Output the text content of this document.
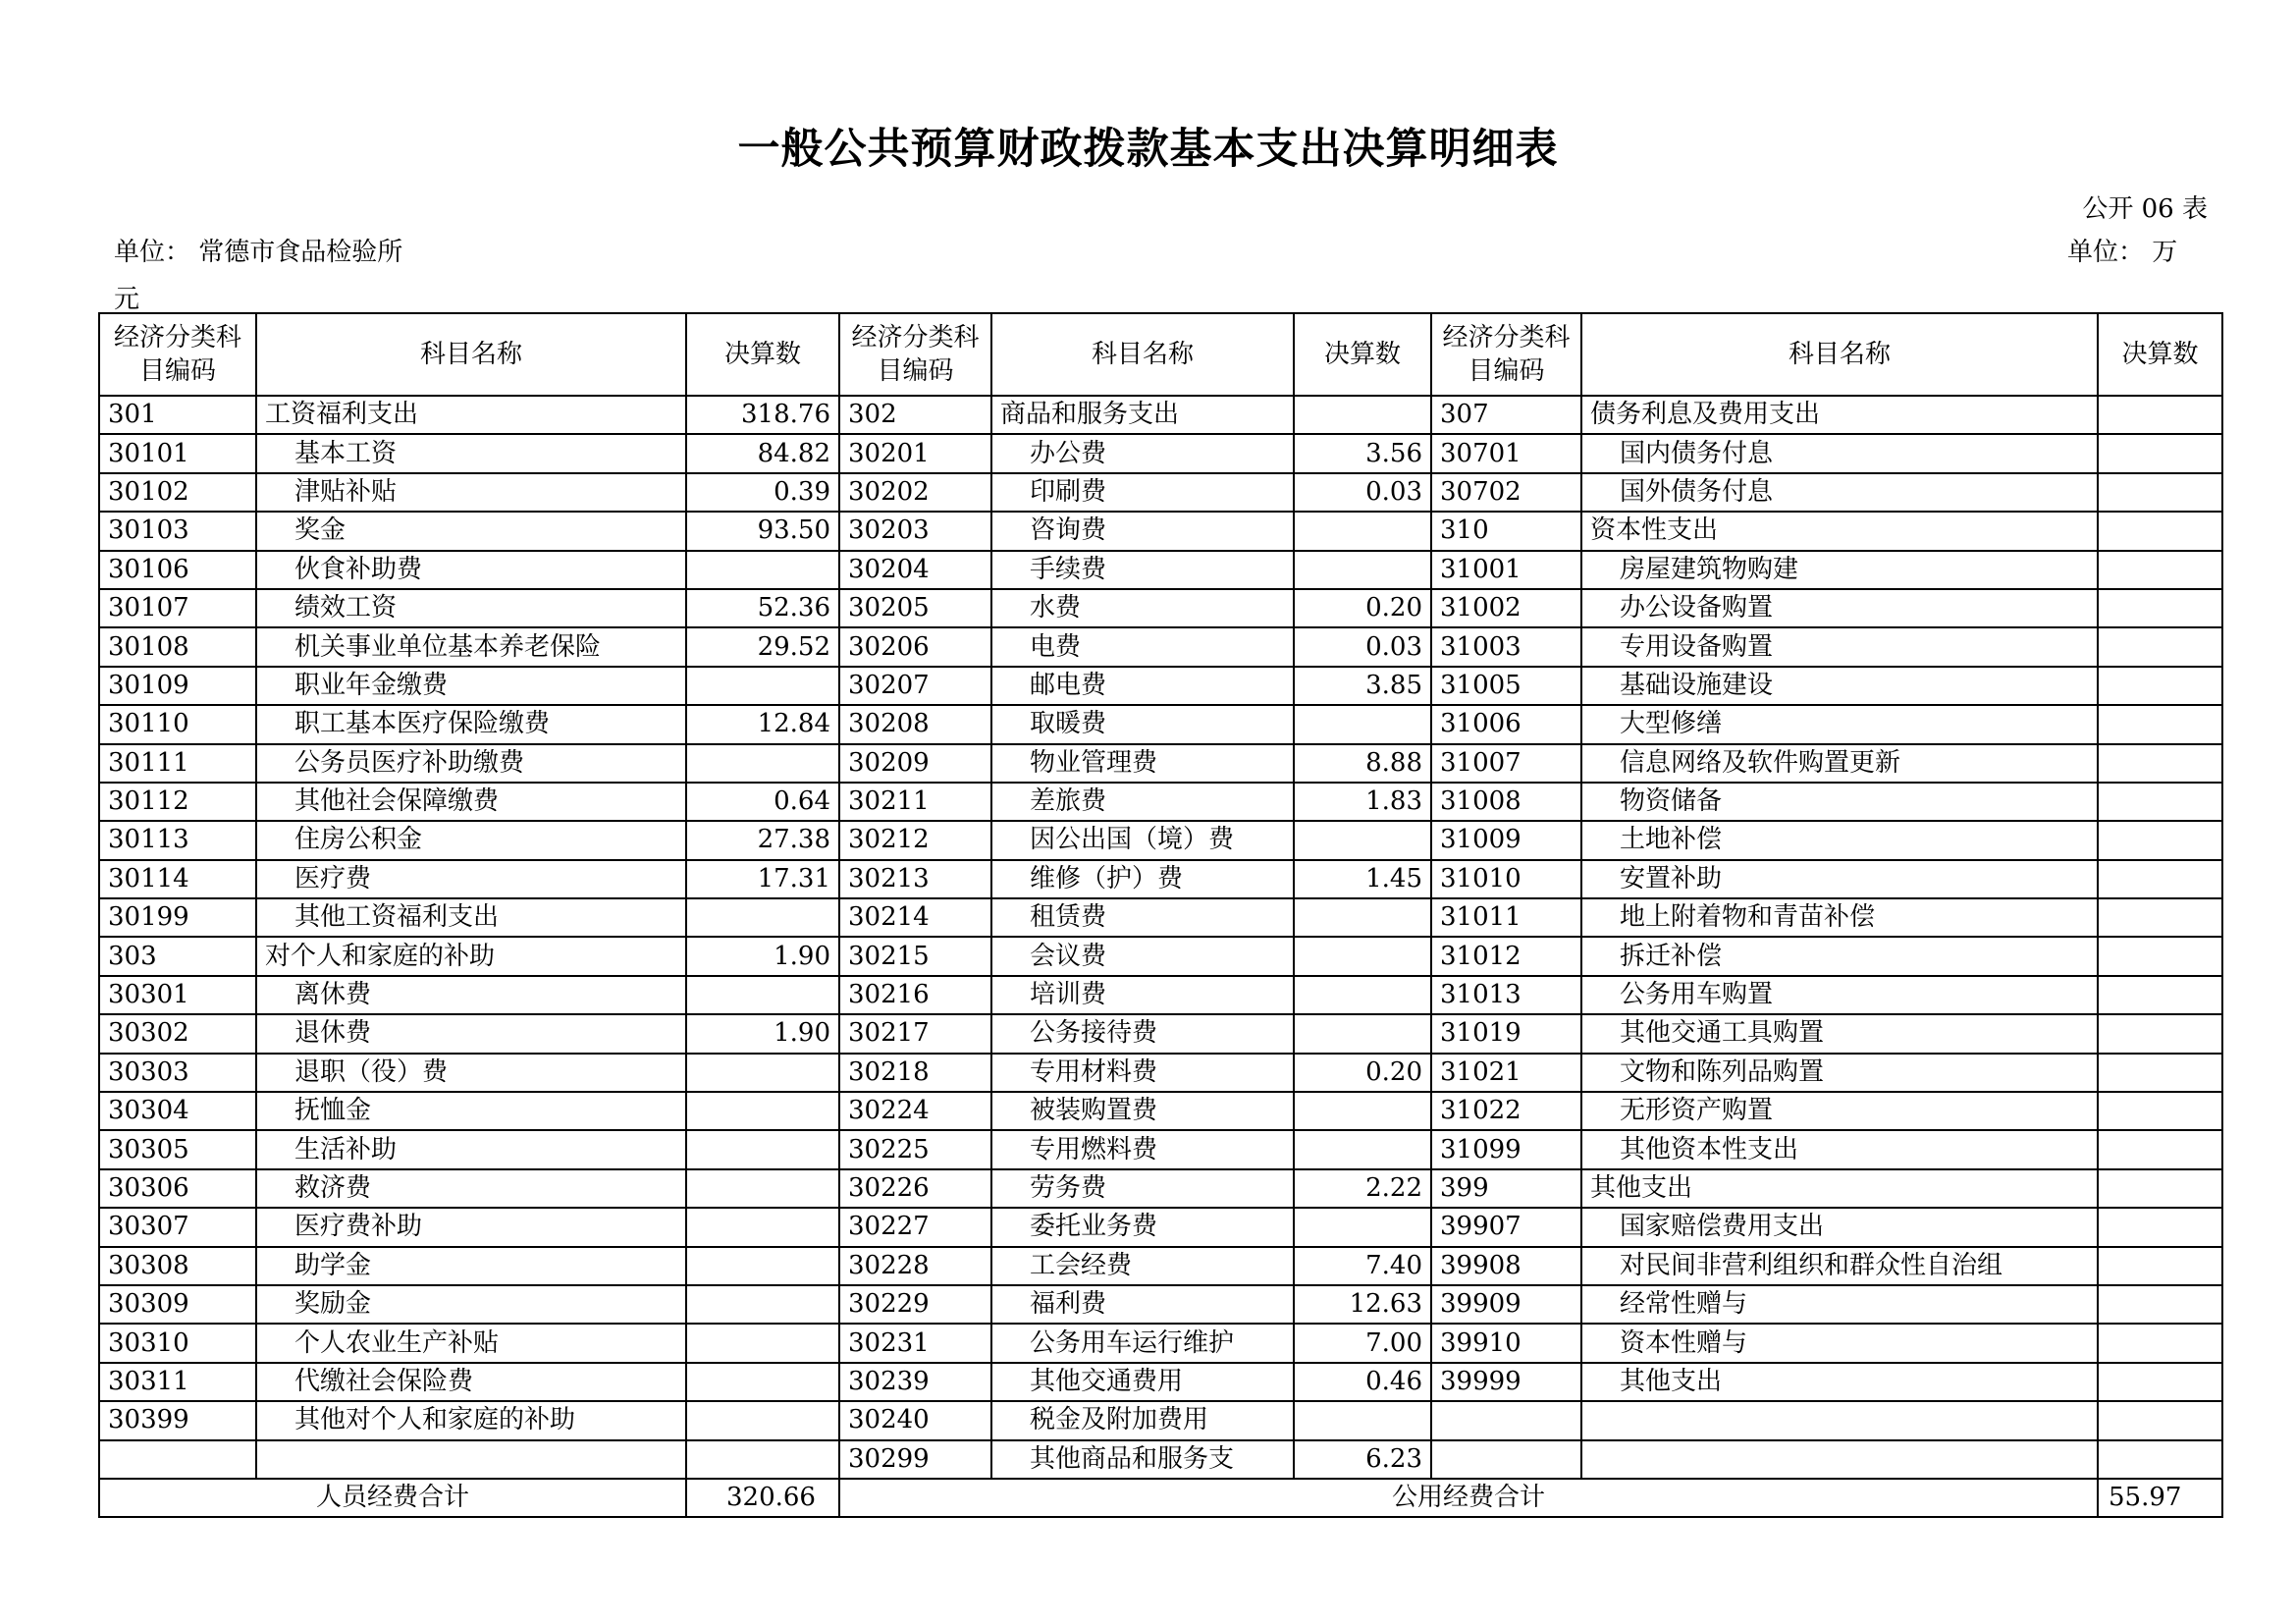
一般公共预算财政拨款基本支出决算明细表
公开 06 表
单位： 常德市食品检验所	单位： 万
元
经济分类科目编码	科目名称	决算数	经济分类科目编码	科目名称	决算数	经济分类科目编码	科目名称	决算数
301	工资福利支出	318.76	302	商品和服务支出		307	债务利息及费用支出	
30101	基本工资	84.82	30201	办公费	3.56	30701	国内债务付息	
30102	津贴补贴	0.39	30202	印刷费	0.03	30702	国外债务付息	
30103	奖金	93.50	30203	咨询费		310	资本性支出	
30106	伙食补助费		30204	手续费		31001	房屋建筑物购建	
30107	绩效工资	52.36	30205	水费	0.20	31002	办公设备购置	
30108	机关事业单位基本养老保险	29.52	30206	电费	0.03	31003	专用设备购置	
30109	职业年金缴费		30207	邮电费	3.85	31005	基础设施建设	
30110	职工基本医疗保险缴费	12.84	30208	取暖费		31006	大型修缮	
30111	公务员医疗补助缴费		30209	物业管理费	8.88	31007	信息网络及软件购置更新	
30112	其他社会保障缴费	0.64	30211	差旅费	1.83	31008	物资储备	
30113	住房公积金	27.38	30212	因公出国（境）费		31009	土地补偿	
30114	医疗费	17.31	30213	维修（护）费	1.45	31010	安置补助	
30199	其他工资福利支出		30214	租赁费		31011	地上附着物和青苗补偿	
303	对个人和家庭的补助	1.90	30215	会议费		31012	拆迁补偿	
30301	离休费		30216	培训费		31013	公务用车购置	
30302	退休费	1.90	30217	公务接待费		31019	其他交通工具购置	
30303	退职（役）费		30218	专用材料费	0.20	31021	文物和陈列品购置	
30304	抚恤金		30224	被装购置费		31022	无形资产购置	
30305	生活补助		30225	专用燃料费		31099	其他资本性支出	
30306	救济费		30226	劳务费	2.22	399	其他支出	
30307	医疗费补助		30227	委托业务费		39907	国家赔偿费用支出	
30308	助学金		30228	工会经费	7.40	39908	对民间非营利组织和群众性自治组	
30309	奖励金		30229	福利费	12.63	39909	经常性赠与	
30310	个人农业生产补贴		30231	公务用车运行维护	7.00	39910	资本性赠与	
30311	代缴社会保险费		30239	其他交通费用	0.46	39999	其他支出	
30399	其他对个人和家庭的补助		30240	税金及附加费用				
			30299	其他商品和服务支	6.23			
人员经费合计		320.66	公用经费合计					55.97
